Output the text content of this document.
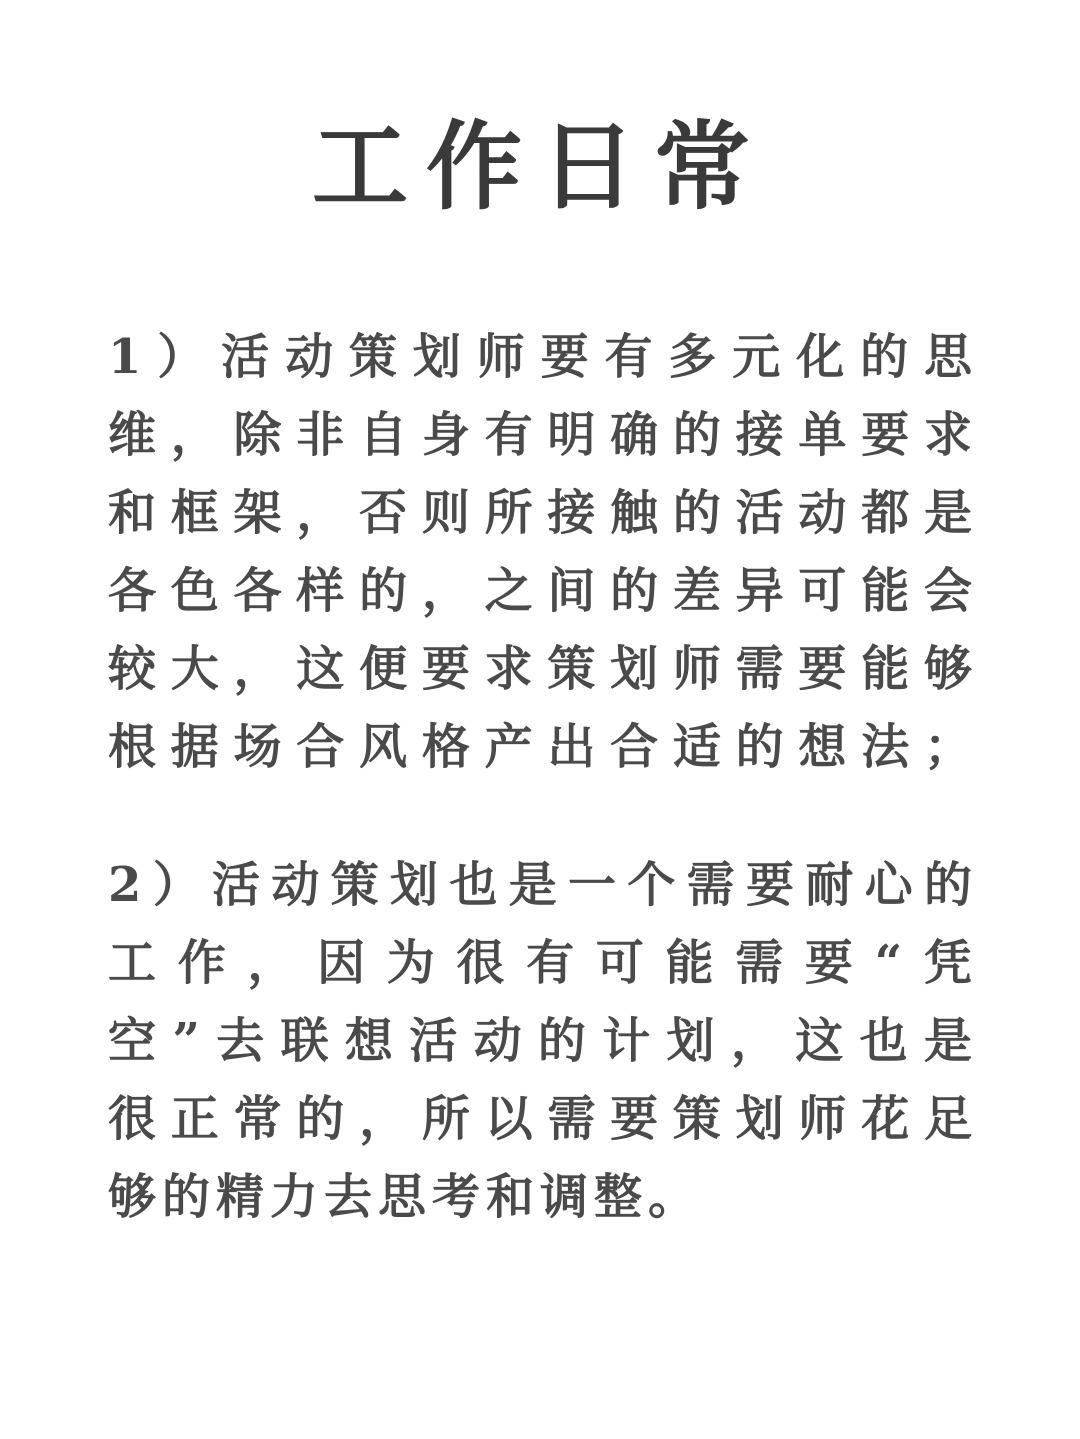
工作日常
1 ） 活 动 策 划 师 要 有 多 元 化 的 思
维 ， 除 非 自 身 有 明 确 的 接 单 要 求
和 框 架 ， 否 则 所 接 触 的 活 动 都 是
各 色 各 样 的 ， 之 间 的 差 异 可 能 会
较 大 ， 这 便 要 求 策 划 师 需 要 能 够
根 据 场 合 风 格 产 出 合 适 的 想 法 ；
2 ） 活 动 策 划 也 是 一 个 需 要 耐 心 的
工 作 ， 因 为 很 有 可 能 需 要 “ 凭
空 ” 去 联 想 活 动 的 计 划 ， 这 也 是
很 正 常 的 ， 所 以 需 要 策 划 师 花 足
够的精力去思考和调整。
